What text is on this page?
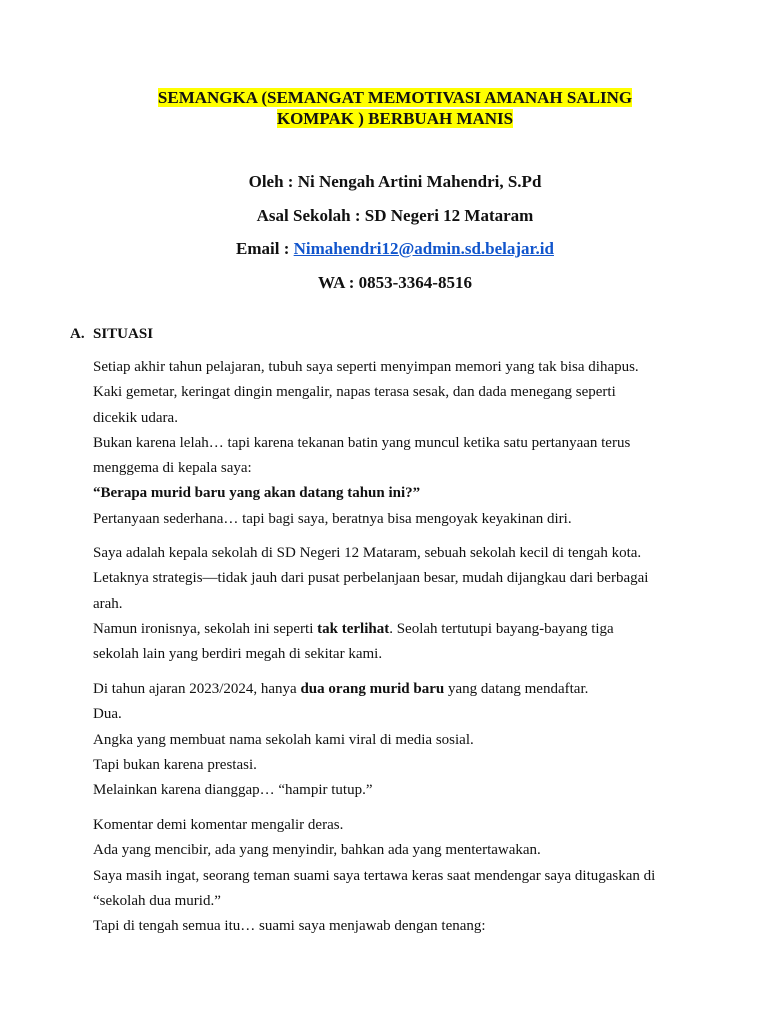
SEMANGKA (SEMANGAT MEMOTIVASI AMANAH SALING
KOMPAK ) BERBUAH MANIS
Oleh : Ni Nengah Artini Mahendri, S.Pd
Asal Sekolah : SD Negeri 12 Mataram
Email : Nimahendri12@admin.sd.belajar.id
WA : 0853-3364-8516
A. SITUASI

Setiap akhir tahun pelajaran, tubuh saya seperti menyimpan memori yang tak bisa dihapus.

Kaki gemetar, keringat dingin mengalir, napas terasa sesak, dan dada menegang seperti

dicekik udara.

Bukan karena lelah… tapi karena tekanan batin yang muncul ketika satu pertanyaan terus

menggema di kepala saya:

“Berapa murid baru yang akan datang tahun ini?”

Pertanyaan sederhana… tapi bagi saya, beratnya bisa mengoyak keyakinan diri.

Saya adalah kepala sekolah di SD Negeri 12 Mataram, sebuah sekolah kecil di tengah kota.

Letaknya strategis—tidak jauh dari pusat perbelanjaan besar, mudah dijangkau dari berbagai

arah.

Namun ironisnya, sekolah ini seperti tak terlihat. Seolah tertutupi bayang-bayang tiga

sekolah lain yang berdiri megah di sekitar kami.

Di tahun ajaran 2023/2024, hanya dua orang murid baru yang datang mendaftar.

Dua.

Angka yang membuat nama sekolah kami viral di media sosial.

Tapi bukan karena prestasi.

Melainkan karena dianggap… “hampir tutup.”

Komentar demi komentar mengalir deras.

Ada yang mencibir, ada yang menyindir, bahkan ada yang mentertawakan.

Saya masih ingat, seorang teman suami saya tertawa keras saat mendengar saya ditugaskan di

“sekolah dua murid.”

Tapi di tengah semua itu… suami saya menjawab dengan tenang:
